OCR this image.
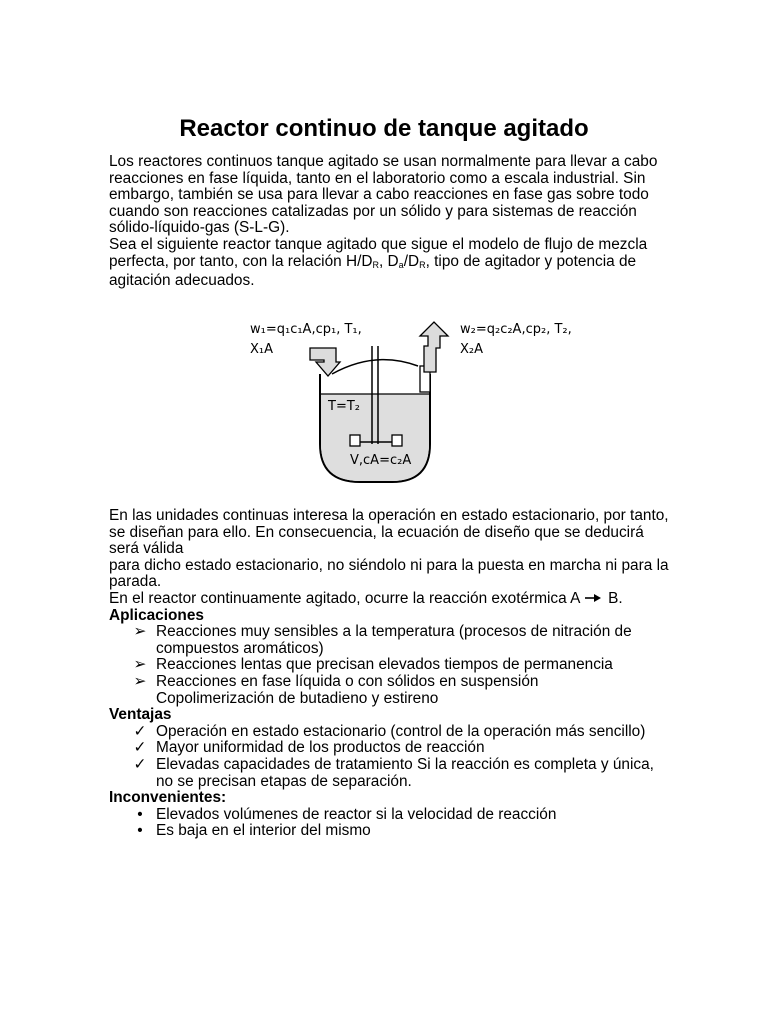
Reactor continuo de tanque agitado

Los reactores continuos tanque agitado se usan normalmente para llevar a cabo reacciones en fase líquida, tanto en el laboratorio como a escala industrial. Sin embargo, también se usa para llevar a cabo reacciones en fase gas sobre todo cuando son reacciones catalizadas por un sólido y para sistemas de reacción sólido-líquido-gas (S-L-G).

Sea el siguiente reactor tanque agitado que sigue el modelo de flujo de mezcla perfecta, por tanto, con la relación $H/D_R$, $D_a/D_R$, tipo de agitador y potencia de agitación adecuados.

w₁=q₁c₁A,cp₁, T₁,
X₁A
w₂=q₂c₂A,cp₂, T₂,
X₂A
T=T₂
V,cA=c₂A

En las unidades continuas interesa la operación en estado estacionario, por tanto, se diseñan para ello. En consecuencia, la ecuación de diseño que se deducirá será válida

para dicho estado estacionario, no siéndolo ni para la puesta en marcha ni para la parada.

En el reactor continuamente agitado, ocurre la reacción exotérmica A → B.

Aplicaciones

➢ Reacciones muy sensibles a la temperatura (procesos de nitración de compuestos aromáticos)
➢ Reacciones lentas que precisan elevados tiempos de permanencia
➢ Reacciones en fase líquida o con sólidos en suspensión
Copolimerización de butadieno y estireno

Ventajas

✓ Operación en estado estacionario (control de la operación más sencillo)
✓ Mayor uniformidad de los productos de reacción
✓ Elevadas capacidades de tratamiento Si la reacción es completa y única, no se precisan etapas de separación.

Inconvenientes:

• Elevados volúmenes de reactor si la velocidad de reacción
• Es baja en el interior del mismo
